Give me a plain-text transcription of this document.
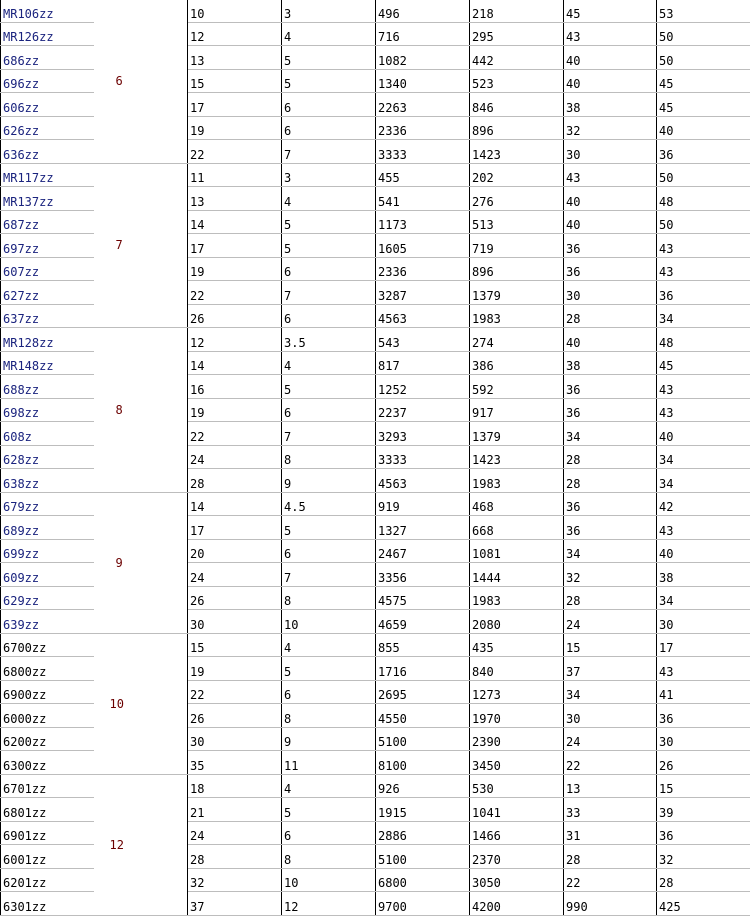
MR106zz	6	10	3	496	218	45	53
MR126zz		12	4	716	295	43	50
686zz		13	5	1082	442	40	50
696zz		15	5	1340	523	40	45
606zz		17	6	2263	846	38	45
626zz		19	6	2336	896	32	40
636zz		22	7	3333	1423	30	36
MR117zz	7	11	3	455	202	43	50
MR137zz		13	4	541	276	40	48
687zz		14	5	1173	513	40	50
697zz		17	5	1605	719	36	43
607zz		19	6	2336	896	36	43
627zz		22	7	3287	1379	30	36
637zz		26	6	4563	1983	28	34
MR128zz	8	12	3.5	543	274	40	48
MR148zz		14	4	817	386	38	45
688zz		16	5	1252	592	36	43
698zz		19	6	2237	917	36	43
608z		22	7	3293	1379	34	40
628zz		24	8	3333	1423	28	34
638zz		28	9	4563	1983	28	34
679zz	9	14	4.5	919	468	36	42
689zz		17	5	1327	668	36	43
699zz		20	6	2467	1081	34	40
609zz		24	7	3356	1444	32	38
629zz		26	8	4575	1983	28	34
639zz		30	10	4659	2080	24	30
6700zz	10	15	4	855	435	15	17
6800zz		19	5	1716	840	37	43
6900zz		22	6	2695	1273	34	41
6000zz		26	8	4550	1970	30	36
6200zz		30	9	5100	2390	24	30
6300zz		35	11	8100	3450	22	26
6701zz	12	18	4	926	530	13	15
6801zz		21	5	1915	1041	33	39
6901zz		24	6	2886	1466	31	36
6001zz		28	8	5100	2370	28	32
6201zz		32	10	6800	3050	22	28
6301zz		37	12	9700	4200	990	425
